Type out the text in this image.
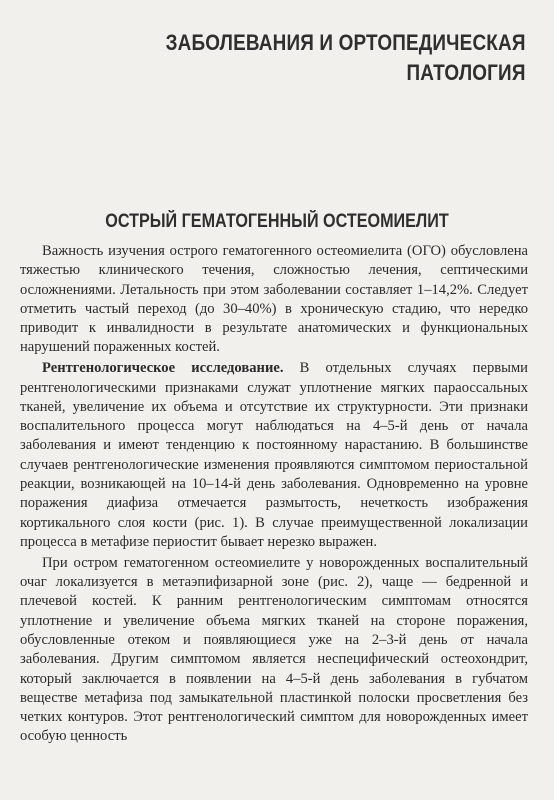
ЗАБОЛЕВАНИЯ И ОРТОПЕДИЧЕСКАЯ
ПАТОЛОГИЯ
ОСТРЫЙ ГЕМАТОГЕННЫЙ ОСТЕОМИЕЛИТ

Важность изучения острого гематогенного остеомиелита (ОГО) обусловлена тяжестью клинического течения, сложностью лечения, септическими осложнениями. Летальность при этом заболевании составляет 1–14,2%. Следует отметить частый переход (до 30–40%) в хроническую стадию, что нередко приводит к инвалидности в результате анатомических и функциональных нарушений пораженных костей.

Рентгенологическое исследование. В отдельных случаях первыми рентгенологическими признаками служат уплотнение мягких параоссальных тканей, увеличение их объема и отсутствие их структурности. Эти признаки воспалительного процесса могут наблюдаться на 4–5-й день от начала заболевания и имеют тенденцию к постоянному нарастанию. В большинстве случаев рентгенологические изменения проявляются симптомом периостальной реакции, возникающей на 10–14-й день заболевания. Одновременно на уровне поражения диафиза отмечается размытость, нечеткость изображения кортикального слоя кости (рис. 1). В случае преимущественной локализации процесса в метафизе периостит бывает нерезко выражен.

При остром гематогенном остеомиелите у новорожденных воспалительный очаг локализуется в метаэпифизарной зоне (рис. 2), чаще — бедренной и плечевой костей. К ранним рентгенологическим симптомам относятся уплотнение и увеличение объема мягких тканей на стороне поражения, обусловленные отеком и появляющиеся уже на 2–3-й день от начала заболевания. Другим симптомом является неспецифический остеохондрит, который заключается в появлении на 4–5-й день заболевания в губчатом веществе метафиза под замыкательной пластинкой полоски просветления без четких контуров. Этот рентгенологический симптом для новорожденных имеет особую ценность
